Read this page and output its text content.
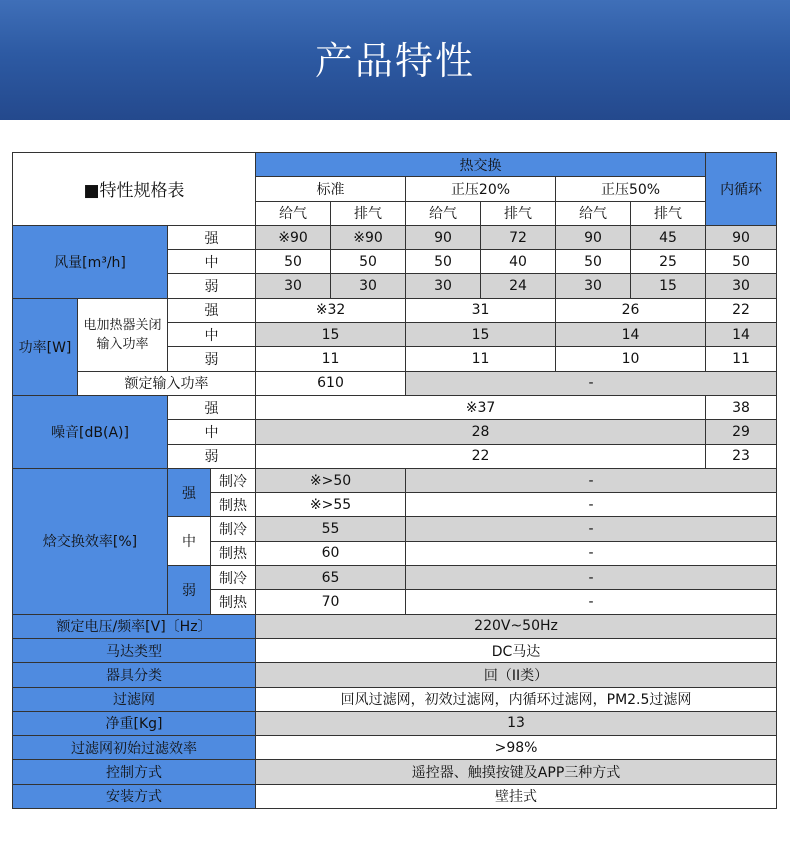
产品特性
■特性规格表				热交换						内循环
				标准		正压20%		正压50%		
				给气	排气	给气	排气	给气	排气	
风量[m³/h]		强		※90	※90	90	72	90	45	90
		中		50	50	50	40	50	25	50
		弱		30	30	30	24	30	15	30
功率[W]	电加热器关闭输入功率	强		※32		31		26		22
		中		15		15		14		14
		弱		11		11		10		11
	额定输入功率			610		-				
噪音[dB(A)]		强		※37						38
		中		28						29
		弱		22						23
焓交换效率[%]		强	制冷	※>50		-				
			制热	※>55		-				
		中	制冷	55		-				
			制热	60		-				
		弱	制冷	65		-				
			制热	70		-				
额定电压/频率[V]〔Hz〕				220V~50Hz						
马达类型				DC马达						
器具分类				回（II类）						
过滤网				回风过滤网，初效过滤网，内循环过滤网，PM2.5过滤网						
净重[Kg]				13						
过滤网初始过滤效率				>98%						
控制方式				遥控器、触摸按键及APP三种方式						
安装方式				壁挂式						
